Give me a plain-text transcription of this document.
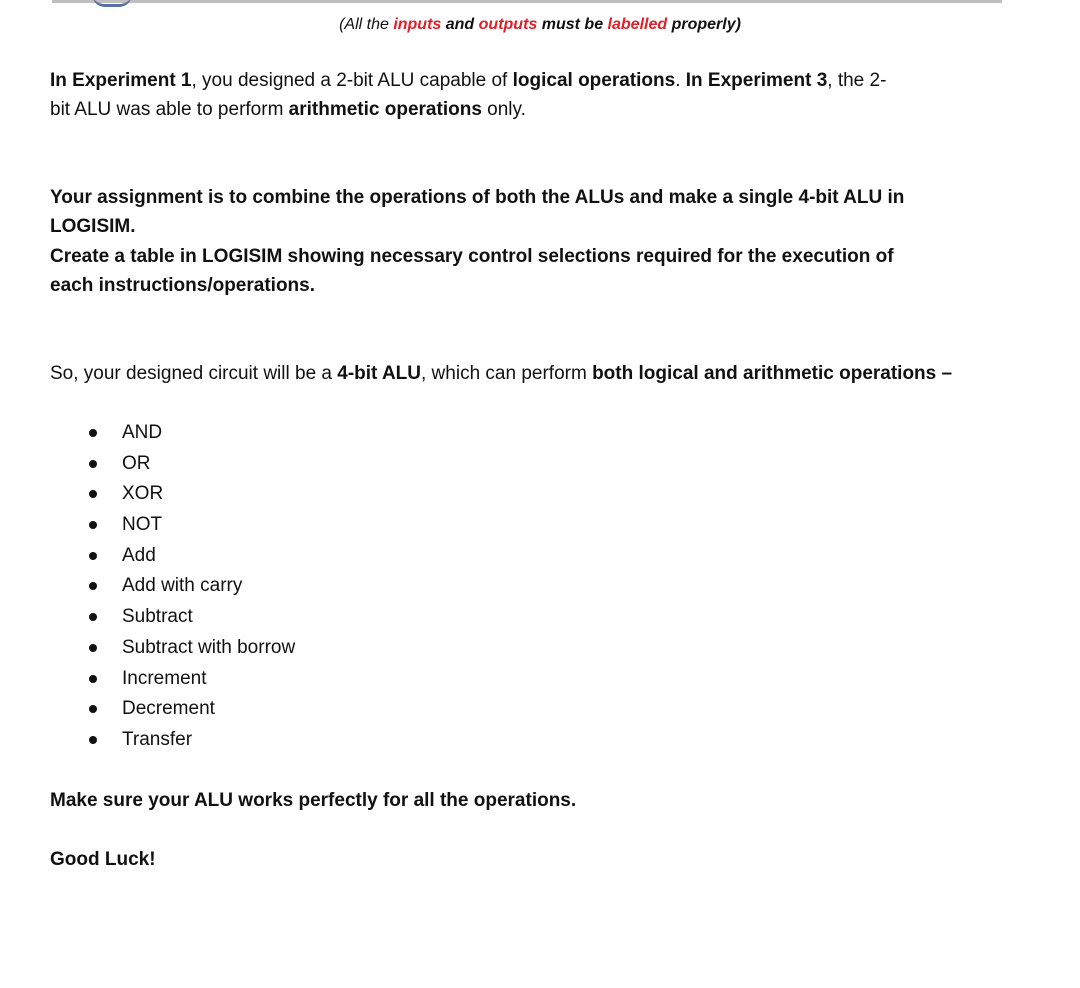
(All the inputs and outputs must be labelled properly)
In Experiment 1, you designed a 2-bit ALU capable of logical operations. In Experiment 3, the 2-
bit ALU was able to perform arithmetic operations only.
Your assignment is to combine the operations of both the ALUs and make a single 4-bit ALU in
LOGISIM.
Create a table in LOGISIM showing necessary control selections required for the execution of
each instructions/operations.
So, your designed circuit will be a 4-bit ALU, which can perform both logical and arithmetic operations –
AND
OR
XOR
NOT
Add
Add with carry
Subtract
Subtract with borrow
Increment
Decrement
Transfer
Make sure your ALU works perfectly for all the operations.
Good Luck!
